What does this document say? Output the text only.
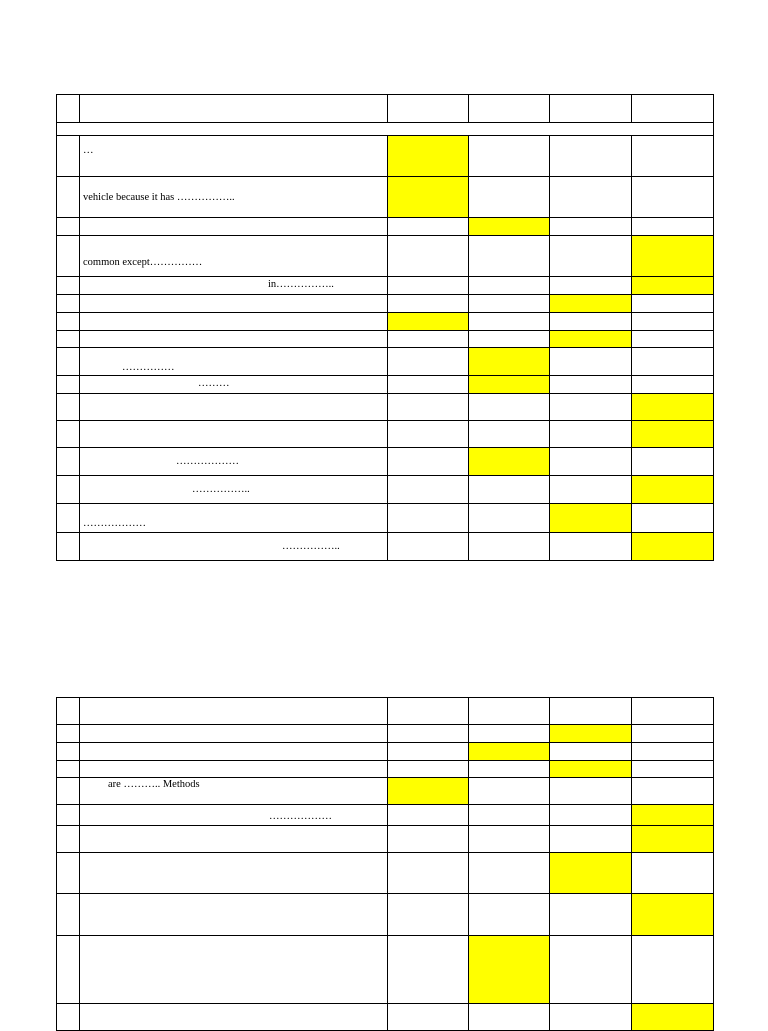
…
vehicle because it has ……………..
common except……………
in……………..
……………
………
………………
……………..
………………
……………..
are ……….. Methods
………………
